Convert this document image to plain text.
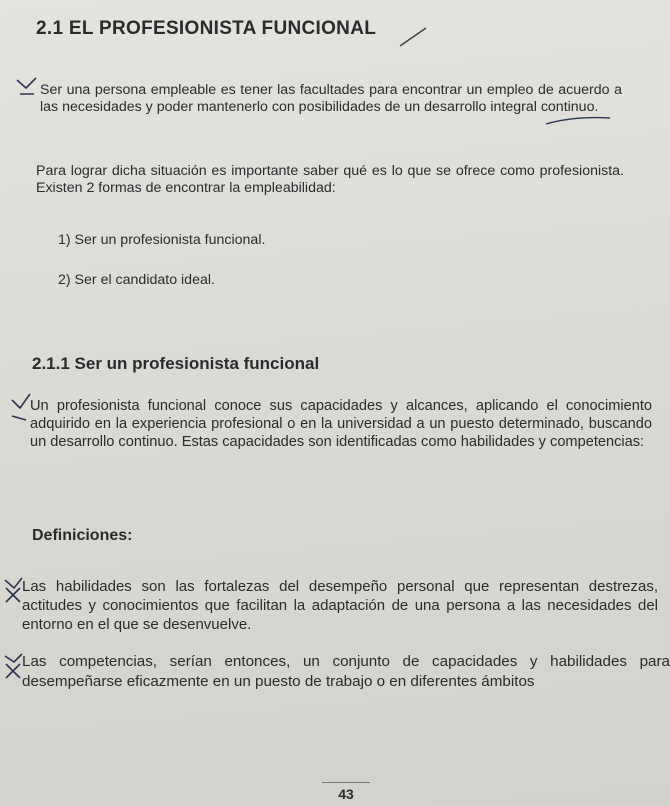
2.1 EL PROFESIONISTA FUNCIONAL

Ser una persona empleable es tener las facultades para encontrar un empleo de acuerdo a las necesidades y poder mantenerlo con posibilidades de un desarrollo integral continuo.

Para lograr dicha situación es importante saber qué es lo que se ofrece como profesionista. Existen 2 formas de encontrar la empleabilidad:

1) Ser un profesionista funcional.
2) Ser el candidato ideal.
2.1.1 Ser un profesionista funcional

Un profesionista funcional conoce sus capacidades y alcances, aplicando el conocimiento adquirido en la experiencia profesional o en la universidad a un puesto determinado, buscando un desarrollo continuo. Estas capacidades son identificadas como habilidades y competencias:

Definiciones:

Las habilidades son las fortalezas del desempeño personal que representan destrezas, actitudes y conocimientos que facilitan la adaptación de una persona a las necesidades del entorno en el que se desenvuelve.

Las competencias, serían entonces, un conjunto de capacidades y habilidades para desempeñarse eficazmente en un puesto de trabajo o en diferentes ámbitos

43
